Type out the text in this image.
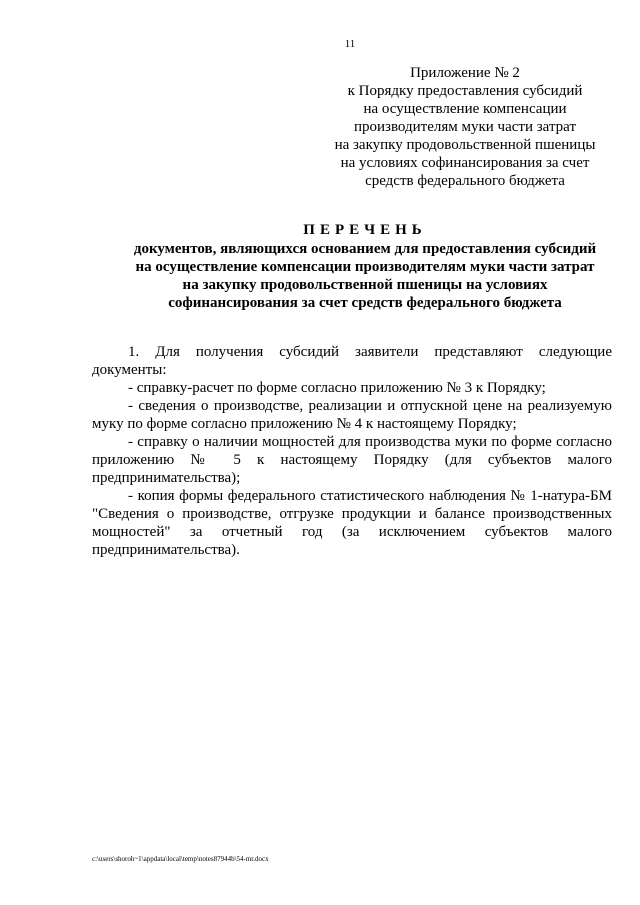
11
Приложение № 2
к Порядку предоставления субсидий
на осуществление компенсации
производителям муки части затрат
на закупку продовольственной пшеницы
на условиях софинансирования за счет
средств федерального бюджета
ПЕРЕЧЕНЬ
документов, являющихся основанием для предоставления субсидий
на осуществление компенсации производителям муки части затрат
на закупку продовольственной пшеницы на условиях
софинансирования за счет средств федерального бюджета

1. Для получения субсидий заявители представляют следующие документы:

- справку-расчет по форме согласно приложению № 3 к Порядку;

- сведения о производстве, реализации и отпускной цене на реализуемую муку по форме согласно приложению № 4 к настоящему Порядку;

- справку о наличии мощностей для производства муки по форме согласно приложению № 5 к настоящему Порядку (для субъектов малого предпринимательства);

- копия формы федерального статистического наблюдения № 1-натура-БМ "Сведения о производстве, отгрузке продукции и балансе производственных мощностей" за отчетный год (за исключением субъектов малого предпринимательства).

c:\users\shoroh~1\appdata\local\temp\notes87944b\54-mr.docx
